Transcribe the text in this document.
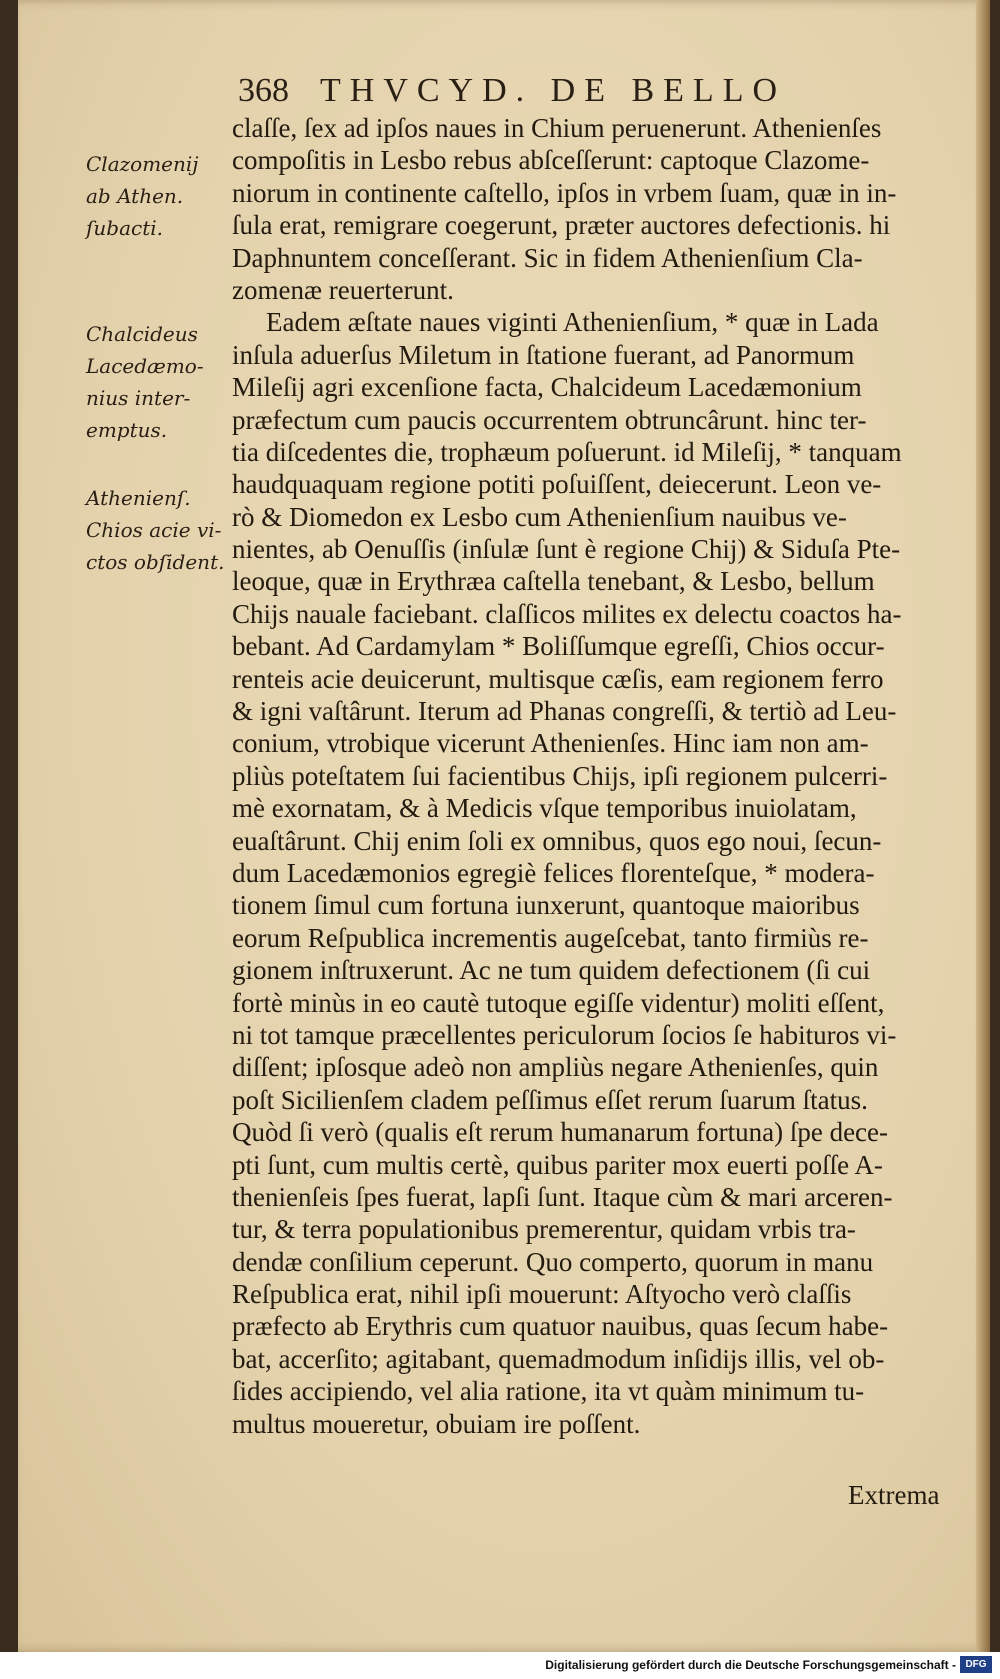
368 THVCYD. DE BELLO
Clazomenij
ab Athen.
ſubacti.
Chalcideus
Lacedæmo-
nius inter-
emptus.
Athenienſ.
Chios acie vi-
ctos obſident.
claſſe, ſex ad ipſos naues in Chium peruenerunt. Athenienſes
compoſitis in Lesbo rebus abſceſſerunt: captoque Clazome-
niorum in continente caſtello, ipſos in vrbem ſuam, quæ in in-
ſula erat, remigrare coegerunt, præter auctores defectionis. hi
Daphnuntem conceſſerant. Sic in fidem Athenienſium Cla-
zomenæ reuerterunt.
Eadem æſtate naues viginti Athenienſium, * quæ in Lada
inſula aduerſus Miletum in ſtatione fuerant, ad Panormum
Mileſij agri excenſione facta, Chalcideum Lacedæmonium
præfectum cum paucis occurrentem obtruncârunt. hinc ter-
tia diſcedentes die, trophæum poſuerunt. id Mileſij, * tanquam
haudquaquam regione potiti poſuiſſent, deiecerunt. Leon ve-
rò & Diomedon ex Lesbo cum Athenienſium nauibus ve-
nientes, ab Oenuſſis (inſulæ ſunt è regione Chij) & Siduſa Pte-
leoque, quæ in Erythræa caſtella tenebant, & Lesbo, bellum
Chijs nauale faciebant. claſſicos milites ex delectu coactos ha-
bebant. Ad Cardamylam * Boliſſumque egreſſi, Chios occur-
renteis acie deuicerunt, multisque cæſis, eam regionem ferro
& igni vaſtârunt. Iterum ad Phanas congreſſi, & tertiò ad Leu-
conium, vtrobique vicerunt Athenienſes. Hinc iam non am-
pliùs poteſtatem ſui facientibus Chijs, ipſi regionem pulcerri-
mè exornatam, & à Medicis vſque temporibus inuiolatam,
euaſtârunt. Chij enim ſoli ex omnibus, quos ego noui, ſecun-
dum Lacedæmonios egregiè felices florenteſque, * modera-
tionem ſimul cum fortuna iunxerunt, quantoque maioribus
eorum Reſpublica incrementis augeſcebat, tanto firmiùs re-
gionem inſtruxerunt. Ac ne tum quidem defectionem (ſi cui
fortè minùs in eo cautè tutoque egiſſe videntur) moliti eſſent,
ni tot tamque præcellentes periculorum ſocios ſe habituros vi-
diſſent; ipſosque adeò non ampliùs negare Athenienſes, quin
poſt Sicilienſem cladem peſſimus eſſet rerum ſuarum ſtatus.
Quòd ſi verò (qualis eſt rerum humanarum fortuna) ſpe dece-
pti ſunt, cum multis certè, quibus pariter mox euerti poſſe A-
thenienſeis ſpes fuerat, lapſi ſunt. Itaque cùm & mari arceren-
tur, & terra populationibus premerentur, quidam vrbis tra-
dendæ conſilium ceperunt. Quo comperto, quorum in manu
Reſpublica erat, nihil ipſi mouerunt: Aſtyocho verò claſſis
præfecto ab Erythris cum quatuor nauibus, quas ſecum habe-
bat, accerſito; agitabant, quemadmodum inſidijs illis, vel ob-
ſides accipiendo, vel alia ratione, ita vt quàm minimum tu-
multus moueretur, obuiam ire poſſent.
Extrema
Digitalisierung gefördert durch die Deutsche Forschungsgemeinschaft - DFG
